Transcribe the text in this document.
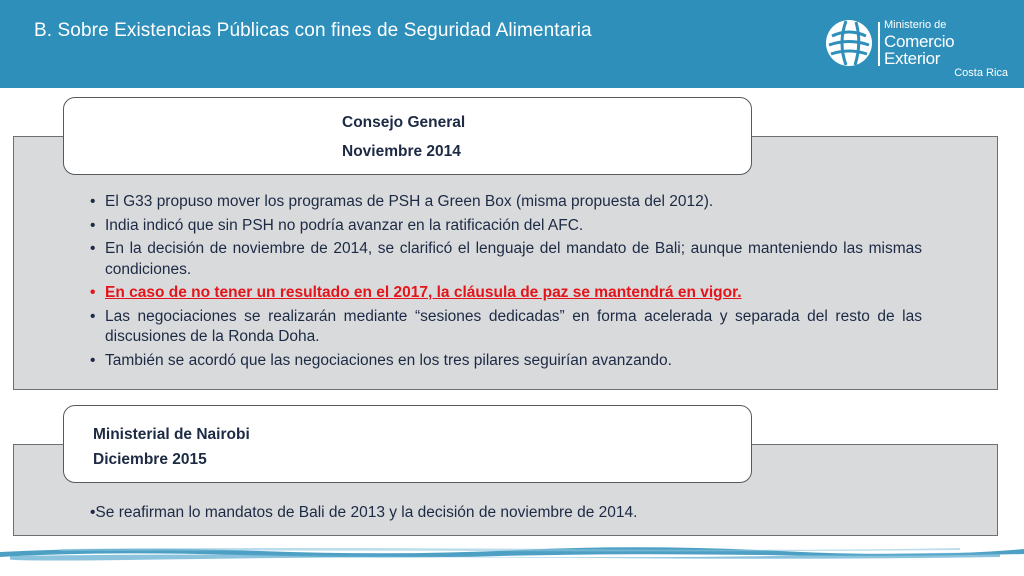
B. Sobre Existencias Públicas con fines de Seguridad Alimentaria	Ministerio de
Comercio Exterior
Costa Rica
Consejo General
Noviembre 2014
• El G33 propuso mover los programas de PSH a Green Box (misma propuesta del 2012).
• India indicó que sin PSH no podría avanzar en la ratificación del AFC.
• En la decisión de noviembre de 2014, se clarificó el lenguaje del mandato de Bali; aunque manteniendo las mismas condiciones.
• En caso de no tener un resultado en el 2017, la cláusula de paz se mantendrá en vigor.
• Las negociaciones se realizarán mediante “sesiones dedicadas” en forma acelerada y separada del resto de las discusiones de la Ronda Doha.
• También se acordó que las negociaciones en los tres pilares seguirían avanzando.
Ministerial de Nairobi
Diciembre 2015
•Se reafirman lo mandatos de Bali de 2013 y la decisión de noviembre de 2014.
